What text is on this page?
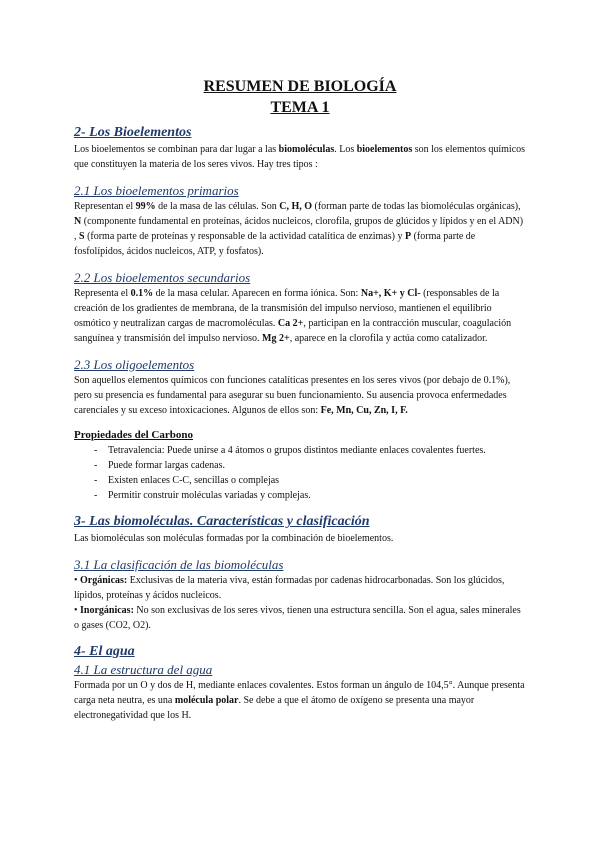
RESUMEN DE BIOLOGÍA

TEMA 1

2- Los Bioelementos

Los bioelementos se combinan para dar lugar a las biomoléculas. Los bioelementos son los elementos químicos que constituyen la materia de los seres vivos. Hay tres tipos :

2.1 Los bioelementos primarios

Representan el 99% de la masa de las células. Son C, H, O (forman parte de todas las biomoléculas orgánicas), N (componente fundamental en proteínas, ácidos nucleicos, clorofila, grupos de glúcidos y lípidos y en el ADN) , S (forma parte de proteínas y responsable de la actividad catalítica de enzimas) y P (forma parte de fosfolípidos, ácidos nucleicos, ATP, y fosfatos).

2.2 Los bioelementos secundarios

Representa el 0.1% de la masa celular. Aparecen en forma iónica. Son: Na+, K+ y Cl- (responsables de la creación de los gradientes de membrana, de la transmisión del impulso nervioso, mantienen el equilibrio osmótico y neutralizan cargas de macromoléculas. Ca 2+, participan en la contracción muscular, coagulación sanguínea y transmisión del impulso nervioso. Mg 2+, aparece en la clorofila y actúa como catalizador.

2.3 Los oligoelementos

Son aquellos elementos químicos con funciones catalíticas presentes en los seres vivos (por debajo de 0.1%), pero su presencia es fundamental para asegurar su buen funcionamiento. Su ausencia provoca enfermedades carenciales y su exceso intoxicaciones. Algunos de ellos son: Fe, Mn, Cu, Zn, I, F.

Propiedades del Carbono

- Tetravalencia: Puede unirse a 4 átomos o grupos distintos mediante enlaces covalentes fuertes.
- Puede formar largas cadenas.
- Existen enlaces C-C, sencillas o complejas
- Permitir construir moléculas variadas y complejas.

3- Las biomoléculas. Características y clasificación

Las biomoléculas son moléculas formadas por la combinación de bioelementos.

3.1 La clasificación de las biomoléculas

• Orgánicas: Exclusivas de la materia viva, están formadas por cadenas hidrocarbonadas. Son los glúcidos, lípidos, proteínas y ácidos nucleicos.

• Inorgánicas: No son exclusivas de los seres vivos, tienen una estructura sencilla. Son el agua, sales minerales o gases (CO2, O2).

4- El agua

4.1 La estructura del agua

Formada por un O y dos de H, mediante enlaces covalentes. Estos forman un ángulo de 104,5°. Aunque presenta carga neta neutra, es una molécula polar. Se debe a que el átomo de oxígeno se presenta una mayor electronegatividad que los H.
